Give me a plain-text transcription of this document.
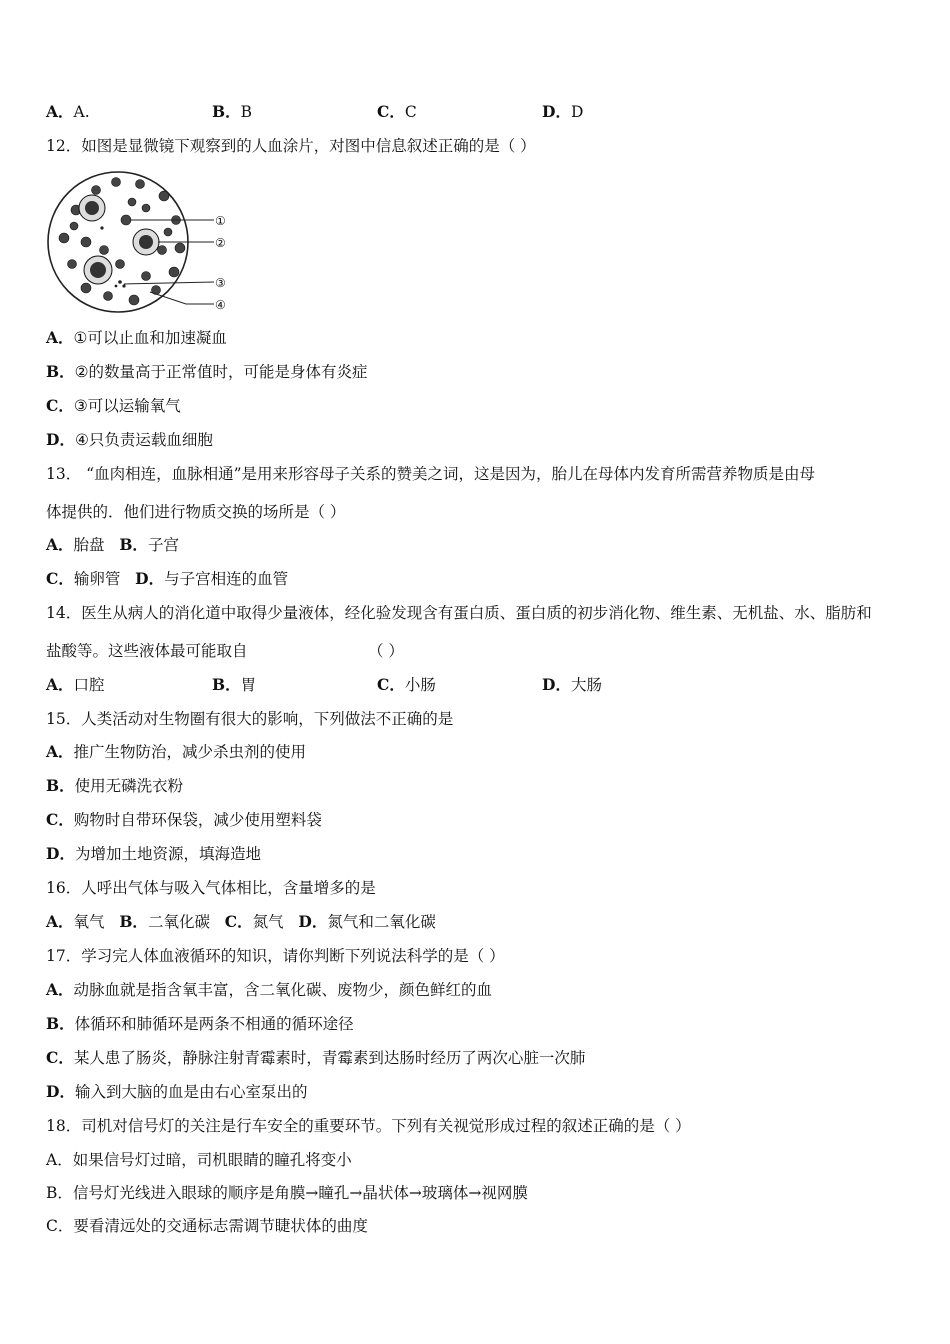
A．A.	B．B	C．C	D．D
12．如图是显微镜下观察到的人血涂片，对图中信息叙述正确的是（ ）
①
②
③
④
A．①可以止血和加速凝血
B．②的数量高于正常值时，可能是身体有炎症
C．③可以运输氧气
D．④只负责运载血细胞
13． “血肉相连，血脉相通”是用来形容母子关系的赞美之词，这是因为，胎儿在母体内发育所需营养物质是由母
体提供的．他们进行物质交换的场所是（ ）
A．胎盘 B．子宫
C．输卵管 D．与子宫相连的血管
14．医生从病人的消化道中取得少量液体，经化验发现含有蛋白质、蛋白质的初步消化物、维生素、无机盐、水、脂肪和
盐酸等。这些液体最可能取自	（ ）
A．口腔	B．胃	C．小肠	D．大肠
15．人类活动对生物圈有很大的影响，下列做法不正确的是
A．推广生物防治，减少杀虫剂的使用
B．使用无磷洗衣粉
C．购物时自带环保袋，减少使用塑料袋
D．为增加土地资源，填海造地
16．人呼出气体与吸入气体相比，含量增多的是
A．氧气 B．二氧化碳 C．氮气 D．氮气和二氧化碳
17．学习完人体血液循环的知识，请你判断下列说法科学的是（ ）
A．动脉血就是指含氧丰富，含二氧化碳、废物少，颜色鲜红的血
B．体循环和肺循环是两条不相通的循环途径
C．某人患了肠炎，静脉注射青霉素时，青霉素到达肠时经历了两次心脏一次肺
D．输入到大脑的血是由右心室泵出的
18．司机对信号灯的关注是行车安全的重要环节。下列有关视觉形成过程的叙述正确的是（ ）
A．如果信号灯过暗，司机眼睛的瞳孔将变小
B．信号灯光线进入眼球的顺序是角膜→瞳孔→晶状体→玻璃体→视网膜
C．要看清远处的交通标志需调节睫状体的曲度
